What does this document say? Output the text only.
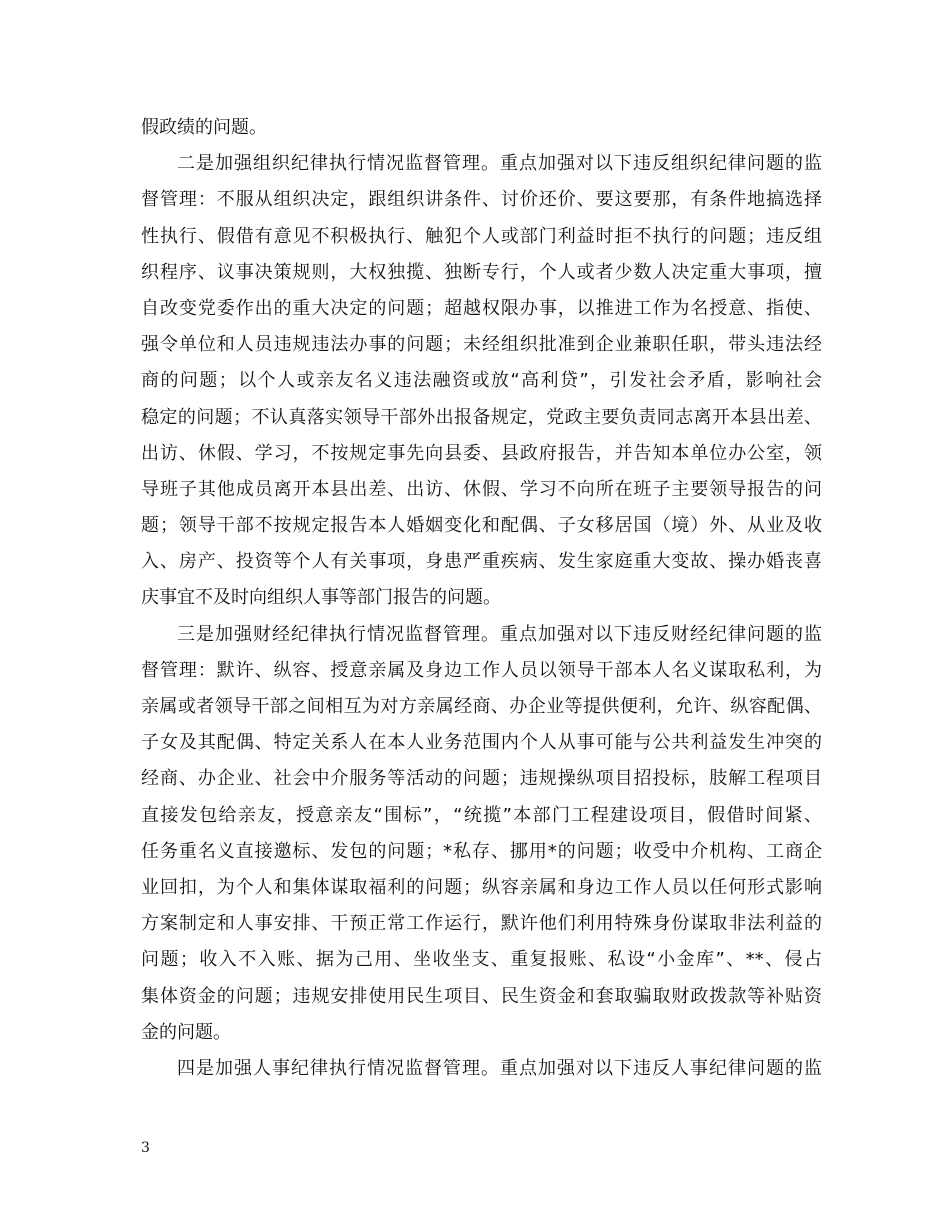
假政绩的问题。
二是加强组织纪律执行情况监督管理。重点加强对以下违反组织纪律问题的监
督管理：不服从组织决定，跟组织讲条件、讨价还价、要这要那，有条件地搞选择
性执行、假借有意见不积极执行、触犯个人或部门利益时拒不执行的问题；违反组
织程序、议事决策规则，大权独揽、独断专行，个人或者少数人决定重大事项，擅
自改变党委作出的重大决定的问题；超越权限办事，以推进工作为名授意、指使、
强令单位和人员违规违法办事的问题；未经组织批准到企业兼职任职，带头违法经
商的问题；以个人或亲友名义违法融资或放“高利贷”，引发社会矛盾，影响社会
稳定的问题；不认真落实领导干部外出报备规定，党政主要负责同志离开本县出差、
出访、休假、学习，不按规定事先向县委、县政府报告，并告知本单位办公室，领
导班子其他成员离开本县出差、出访、休假、学习不向所在班子主要领导报告的问
题；领导干部不按规定报告本人婚姻变化和配偶、子女移居国（境）外、从业及收
入、房产、投资等个人有关事项，身患严重疾病、发生家庭重大变故、操办婚丧喜
庆事宜不及时向组织人事等部门报告的问题。
三是加强财经纪律执行情况监督管理。重点加强对以下违反财经纪律问题的监
督管理：默许、纵容、授意亲属及身边工作人员以领导干部本人名义谋取私利，为
亲属或者领导干部之间相互为对方亲属经商、办企业等提供便利，允许、纵容配偶、
子女及其配偶、特定关系人在本人业务范围内个人从事可能与公共利益发生冲突的
经商、办企业、社会中介服务等活动的问题；违规操纵项目招投标，肢解工程项目
直接发包给亲友，授意亲友“围标”，“统揽”本部门工程建设项目，假借时间紧、
任务重名义直接邀标、发包的问题；*私存、挪用*的问题；收受中介机构、工商企
业回扣，为个人和集体谋取福利的问题；纵容亲属和身边工作人员以任何形式影响
方案制定和人事安排、干预正常工作运行，默许他们利用特殊身份谋取非法利益的
问题；收入不入账、据为己用、坐收坐支、重复报账、私设“小金库”、**、侵占
集体资金的问题；违规安排使用民生项目、民生资金和套取骗取财政拨款等补贴资
金的问题。
四是加强人事纪律执行情况监督管理。重点加强对以下违反人事纪律问题的监
3
